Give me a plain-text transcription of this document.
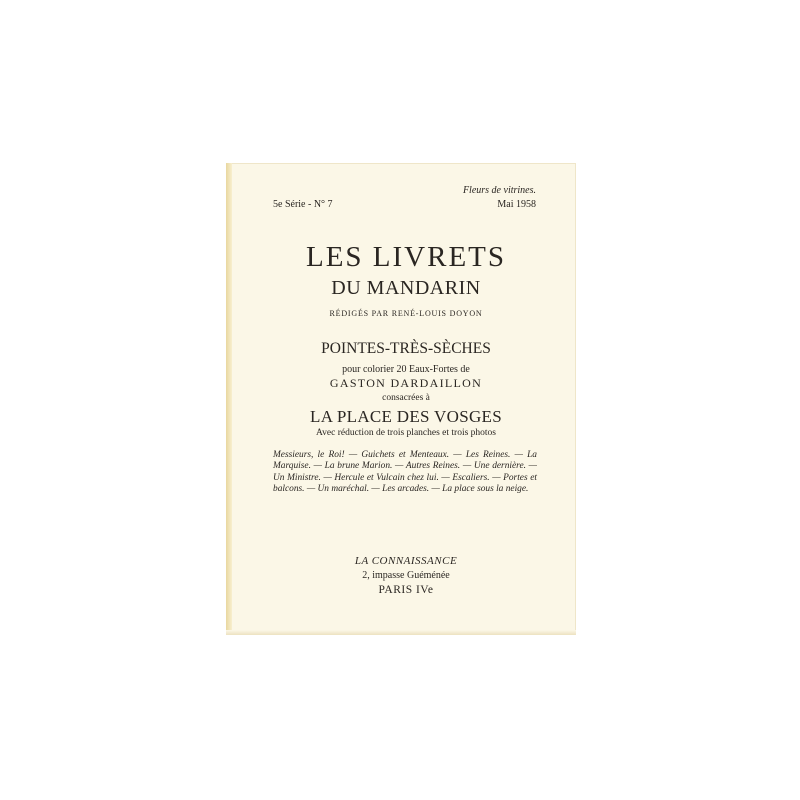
Fleurs de vitrines.
5e Série - N° 7	Mai 1958
LES LIVRETS
DU MANDARIN
RÉDIGÉS PAR RENÉ-LOUIS DOYON
POINTES-TRÈS-SÈCHES
pour colorier 20 Eaux-Fortes de
GASTON DARDAILLON
consacrées à
LA PLACE DES VOSGES
Avec réduction de trois planches et trois photos
Messieurs, le Roi! — Guichets et Menteaux. — Les Reines. — La Marquise. — La brune Marion. — Autres Reines. — Une dernière. — Un Ministre. — Hercule et Vulcain chez lui. — Escaliers. — Portes et balcons. — Un maréchal. — Les arcades. — La place sous la neige.
LA CONNAISSANCE
2, impasse Guéménée
PARIS IVe
